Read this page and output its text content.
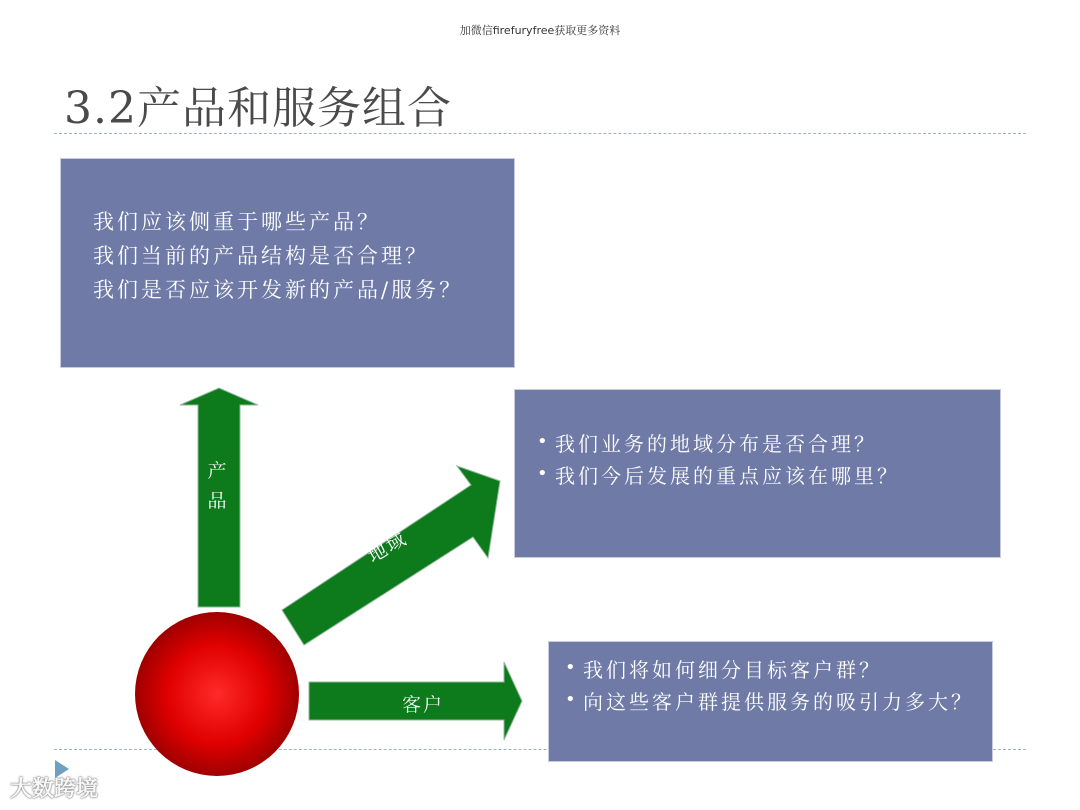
加微信firefuryfree获取更多资料
3.2产品和服务组合
我们应该侧重于哪些产品？
我们当前的产品结构是否合理？
我们是否应该开发新的产品/服务？
• 我们业务的地域分布是否合理？
• 我们今后发展的重点应该在哪里？
• 我们将如何细分目标客户群？
• 向这些客户群提供服务的吸引力多大？
产
品
地域
客户
大数跨境
